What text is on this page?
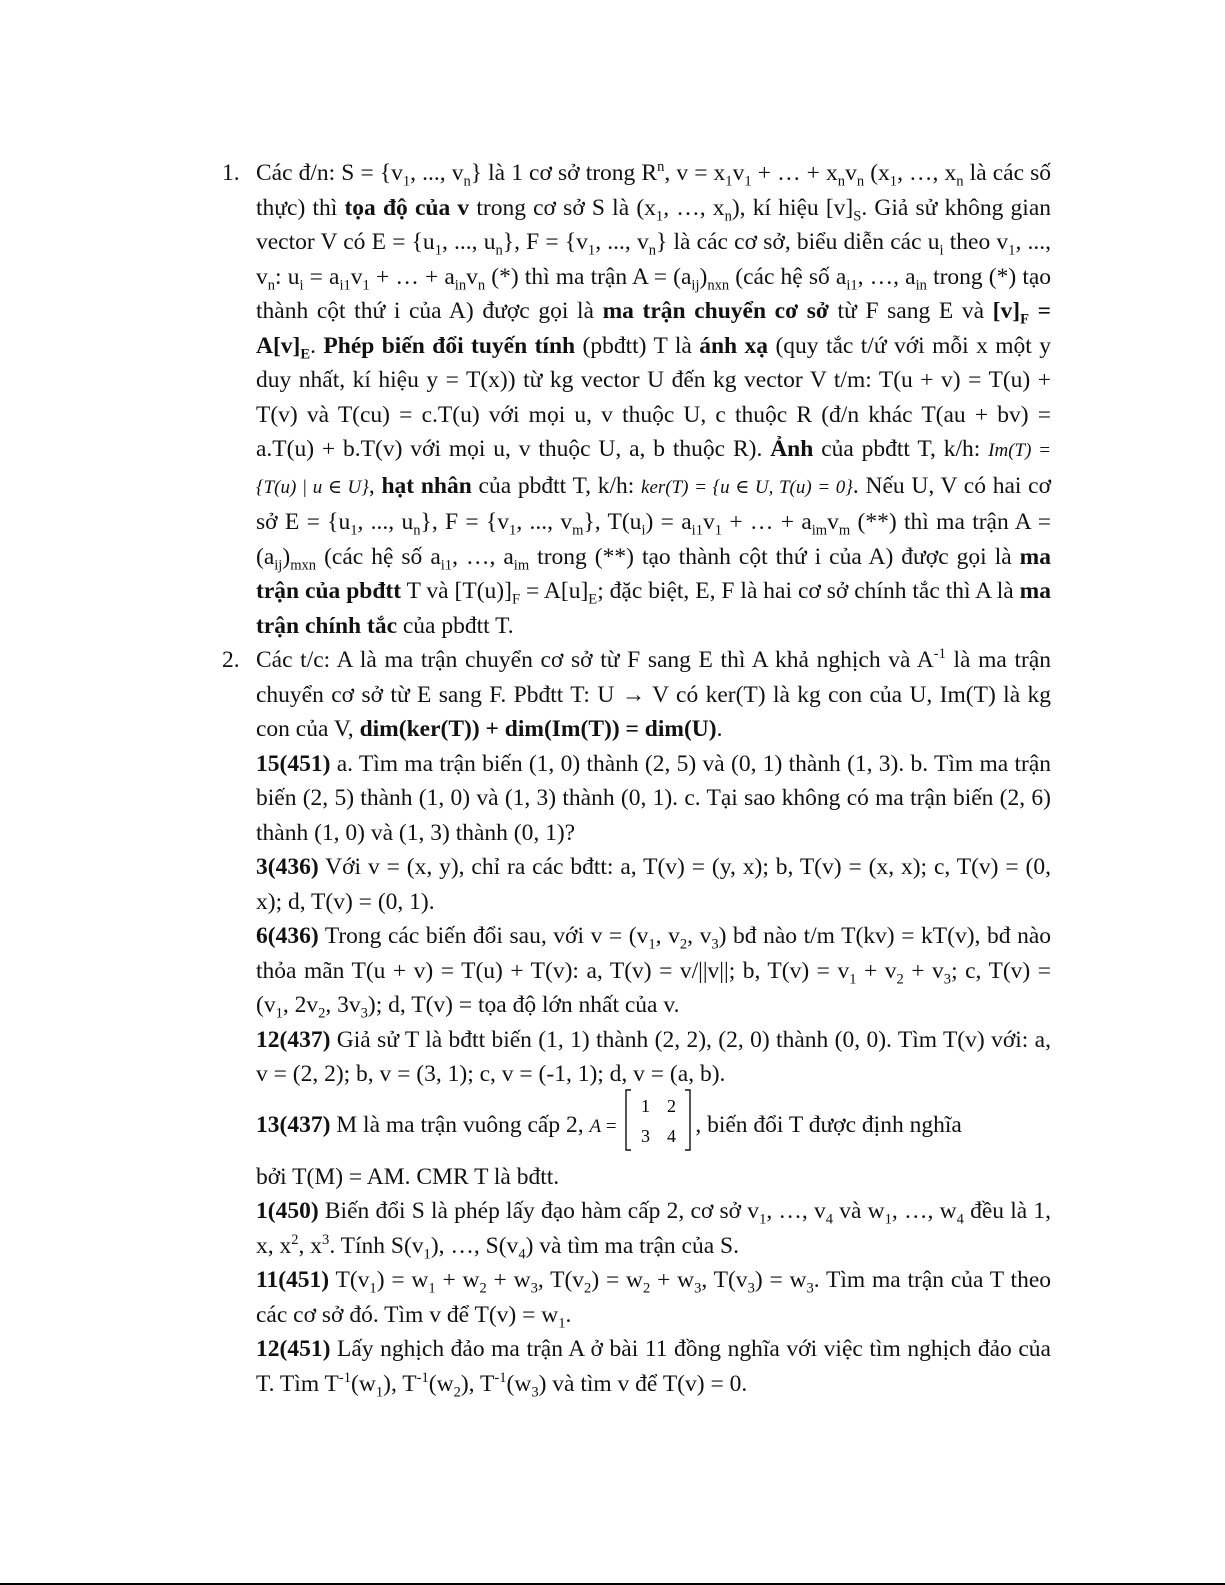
1. Các đ/n: $S = \{v_1$, ..., $v_n$} là 1 cơ sở trong $R^n$, $v = x_1v_1$ + … + $x_nv_n$ ($x_1$, …, $x_n$ là các số thực) thì tọa độ của v trong cơ sở S là ($x_1$, …, $x_n$), kí hiệu $[v]_S$. Giả sử không gian vector V có $E = \{u_1$, ..., $u_n$}, $F = \{v_1$, ..., $v_n$} là các cơ sở, biểu diễn các $u_i$ theo $v_1$, ..., $v_n$: $u_i = a_{i1}v_1$ + … + $a_{in}v_n$ (*) thì ma trận $A = (a_{ij})_{nxn}$ (các hệ số $a_{i1}$, …, $a_{in}$ trong (*) tạo thành cột thứ i của A) được gọi là ma trận chuyển cơ sở từ F sang E và $[v]_F = A[v]_E$. Phép biến đổi tuyến tính (pbđtt) T là ánh xạ (quy tắc t/ứ với mỗi x một y duy nhất, kí hiệu y = T(x)) từ kg vector U đến kg vector V t/m: T(u + v) = T(u) + T(v) và T(cu) = c.T(u) với mọi u, v thuộc U, c thuộc R (đ/n khác T(au + bv) = a.T(u) + b.T(v) với mọi u, v thuộc U, a, b thuộc R). Ảnh của pbđtt T, k/h: Im(T) = {T(u) | u ∈ U}, hạt nhân của pbđtt T, k/h: ker(T) = {u ∈ U, T(u) = 0}. Nếu U, V có hai cơ sở $E = \{u_1$, ..., $u_n$}, $F = \{v_1$, ..., $v_m$}, $T(u_i) = a_{i1}v_1$ + … + $a_{im}v_m$ (**) thì ma trận $A = (a_{ij})_{mxn}$ (các hệ số $a_{i1}$, …, $a_{im}$ trong (**) tạo thành cột thứ i của A) được gọi là ma trận của pbđtt T và $[T(u)]_F = A[u]_E$; đặc biệt, E, F là hai cơ sở chính tắc thì A là ma trận chính tắc của pbđtt T.

2. Các t/c: A là ma trận chuyển cơ sở từ F sang E thì A khả nghịch và $A^{-1}$ là ma trận chuyển cơ sở từ E sang F. Pbđtt T: U → V có ker(T) là kg con của U, Im(T) là kg con của V, dim(ker(T)) + dim(Im(T)) = dim(U).

15(451) a. Tìm ma trận biến (1, 0) thành (2, 5) và (0, 1) thành (1, 3). b. Tìm ma trận biến (2, 5) thành (1, 0) và (1, 3) thành (0, 1). c. Tại sao không có ma trận biến (2, 6) thành (1, 0) và (1, 3) thành (0, 1)?

3(436) Với v = (x, y), chỉ ra các bđtt: a, T(v) = (y, x); b, T(v) = (x, x); c, T(v) = (0, x); d, T(v) = (0, 1).

6(436) Trong các biến đổi sau, với $v = (v_1$, $v_2$, $v_3$) bđ nào t/m T(kv) = kT(v), bđ nào thỏa mãn T(u + v) = T(u) + T(v): a, T(v) = v/||v||; b, $T(v) = v_1 + v_2 + v_3$; c, $T(v) = (v_1$, $2v_2$, $3v_3$); d, T(v) = tọa độ lớn nhất của v.

12(437) Giả sử T là bđtt biến (1, 1) thành (2, 2), (2, 0) thành (0, 0). Tìm T(v) với: a, v = (2, 2); b, v = (3, 1); c, v = (-1, 1); d, v = (a, b).

13(437) M là ma trận vuông cấp 2, A =
1 2
3 4 , biến đổi T được định nghĩa

bởi T(M) = AM. CMR T là bđtt.

1(450) Biến đổi S là phép lấy đạo hàm cấp 2, cơ sở $v_1$, …, $v_4$ và $w_1$, …, $w_4$ đều là 1, x, $x^2$, $x^3$. Tính $S(v_1)$, …, $S(v_4)$ và tìm ma trận của S.

11(451) $T(v_1) = w_1 + w_2 + w_3$, $T(v_2) = w_2 + w_3$, $T(v_3) = w_3$. Tìm ma trận của T theo các cơ sở đó. Tìm v để $T(v) = w_1$.

12(451) Lấy nghịch đảo ma trận A ở bài 11 đồng nghĩa với việc tìm nghịch đảo của T. Tìm $T^{-1}(w_1)$, $T^{-1}(w_2)$, $T^{-1}(w_3)$ và tìm v để T(v) = 0.
